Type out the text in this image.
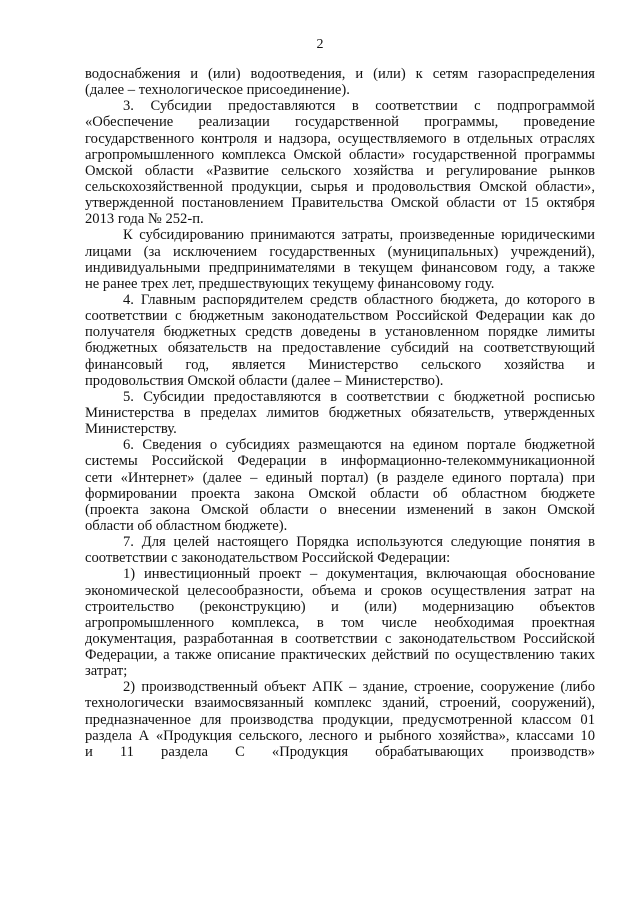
2
водоснабжения и (или) водоотведения, и (или) к сетям газораспределения
(далее – технологическое присоединение).
3. Субсидии предоставляются в соответствии с подпрограммой
«Обеспечение реализации государственной программы, проведение
государственного контроля и надзора, осуществляемого в отдельных отраслях
агропромышленного комплекса Омской области» государственной программы
Омской области «Развитие сельского хозяйства и регулирование рынков
сельскохозяйственной продукции, сырья и продовольствия Омской области»,
утвержденной постановлением Правительства Омской области от 15 октября
2013 года № 252-п.
К субсидированию принимаются затраты, произведенные юридическими
лицами (за исключением государственных (муниципальных) учреждений),
индивидуальными предпринимателями в текущем финансовом году, а также
не ранее трех лет, предшествующих текущему финансовому году.
4. Главным распорядителем средств областного бюджета, до которого в
соответствии с бюджетным законодательством Российской Федерации как до
получателя бюджетных средств доведены в установленном порядке лимиты
бюджетных обязательств на предоставление субсидий на соответствующий
финансовый год, является Министерство сельского хозяйства и
продовольствия Омской области (далее – Министерство).
5. Субсидии предоставляются в соответствии с бюджетной росписью
Министерства в пределах лимитов бюджетных обязательств, утвержденных
Министерству.
6. Сведения о субсидиях размещаются на едином портале бюджетной
системы Российской Федерации в информационно-телекоммуникационной
сети «Интернет» (далее – единый портал) (в разделе единого портала) при
формировании проекта закона Омской области об областном бюджете
(проекта закона Омской области о внесении изменений в закон Омской
области об областном бюджете).
7. Для целей настоящего Порядка используются следующие понятия в
соответствии с законодательством Российской Федерации:
1) инвестиционный проект – документация, включающая обоснование
экономической целесообразности, объема и сроков осуществления затрат на
строительство (реконструкцию) и (или) модернизацию объектов
агропромышленного комплекса, в том числе необходимая проектная
документация, разработанная в соответствии с законодательством Российской
Федерации, а также описание практических действий по осуществлению таких
затрат;
2) производственный объект АПК – здание, строение, сооружение (либо
технологически взаимосвязанный комплекс зданий, строений, сооружений),
предназначенное для производства продукции, предусмотренной классом 01
раздела А «Продукция сельского, лесного и рыбного хозяйства», классами 10
и 11 раздела С «Продукция обрабатывающих производств»
